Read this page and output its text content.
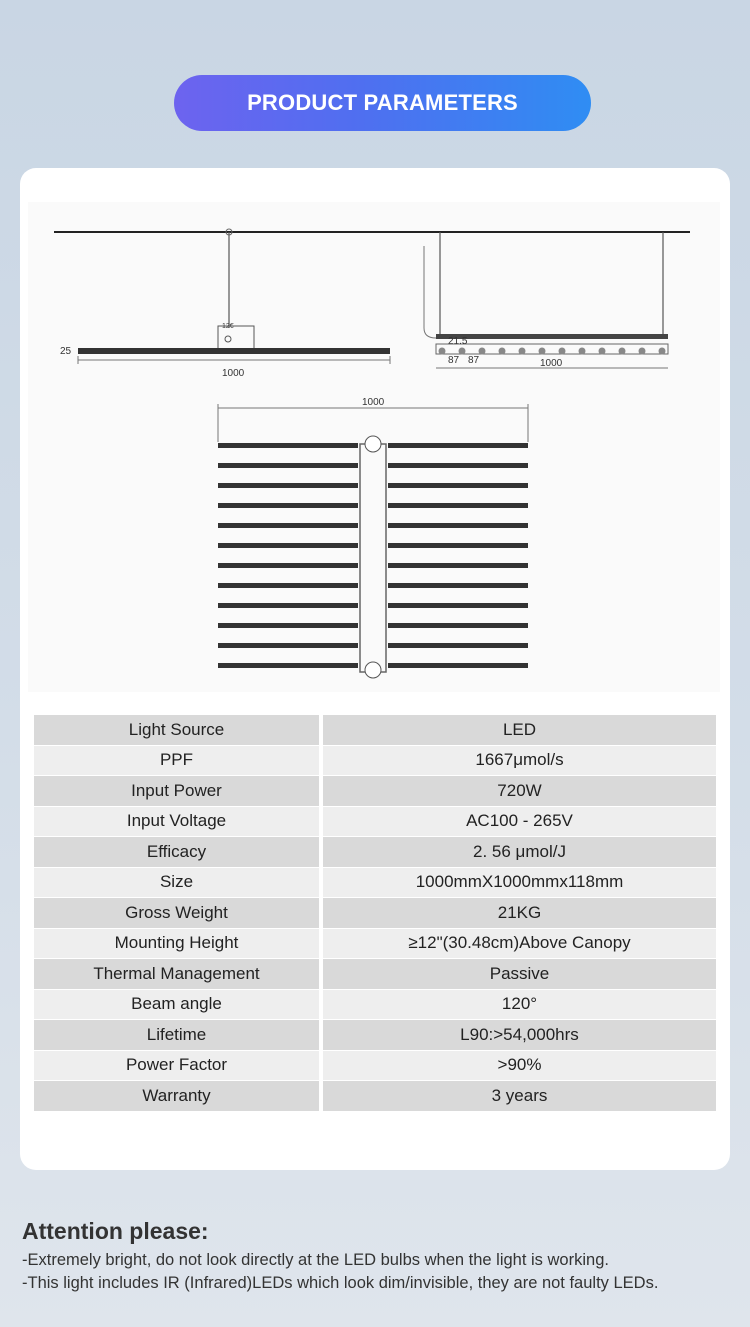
PRODUCT PARAMETERS
25
1000
12€
21.5
87 87	1000
1000
Light Source	LED
PPF	1667μmol/s
Input Power	720W
Input Voltage	AC100 - 265V
Efficacy	2. 56 μmol/J
Size	1000mmX1000mmx118mm
Gross Weight	21KG
Mounting Height	≥12"(30.48cm)Above Canopy
Thermal Management	Passive
Beam angle	120°
Lifetime	L90:>54,000hrs
Power Factor	>90%
Warranty	3 years
Attention please:

-Extremely bright, do not look directly at the LED bulbs when the light is working.

-This light includes IR (Infrared)LEDs which look dim/invisible, they are not faulty LEDs.
